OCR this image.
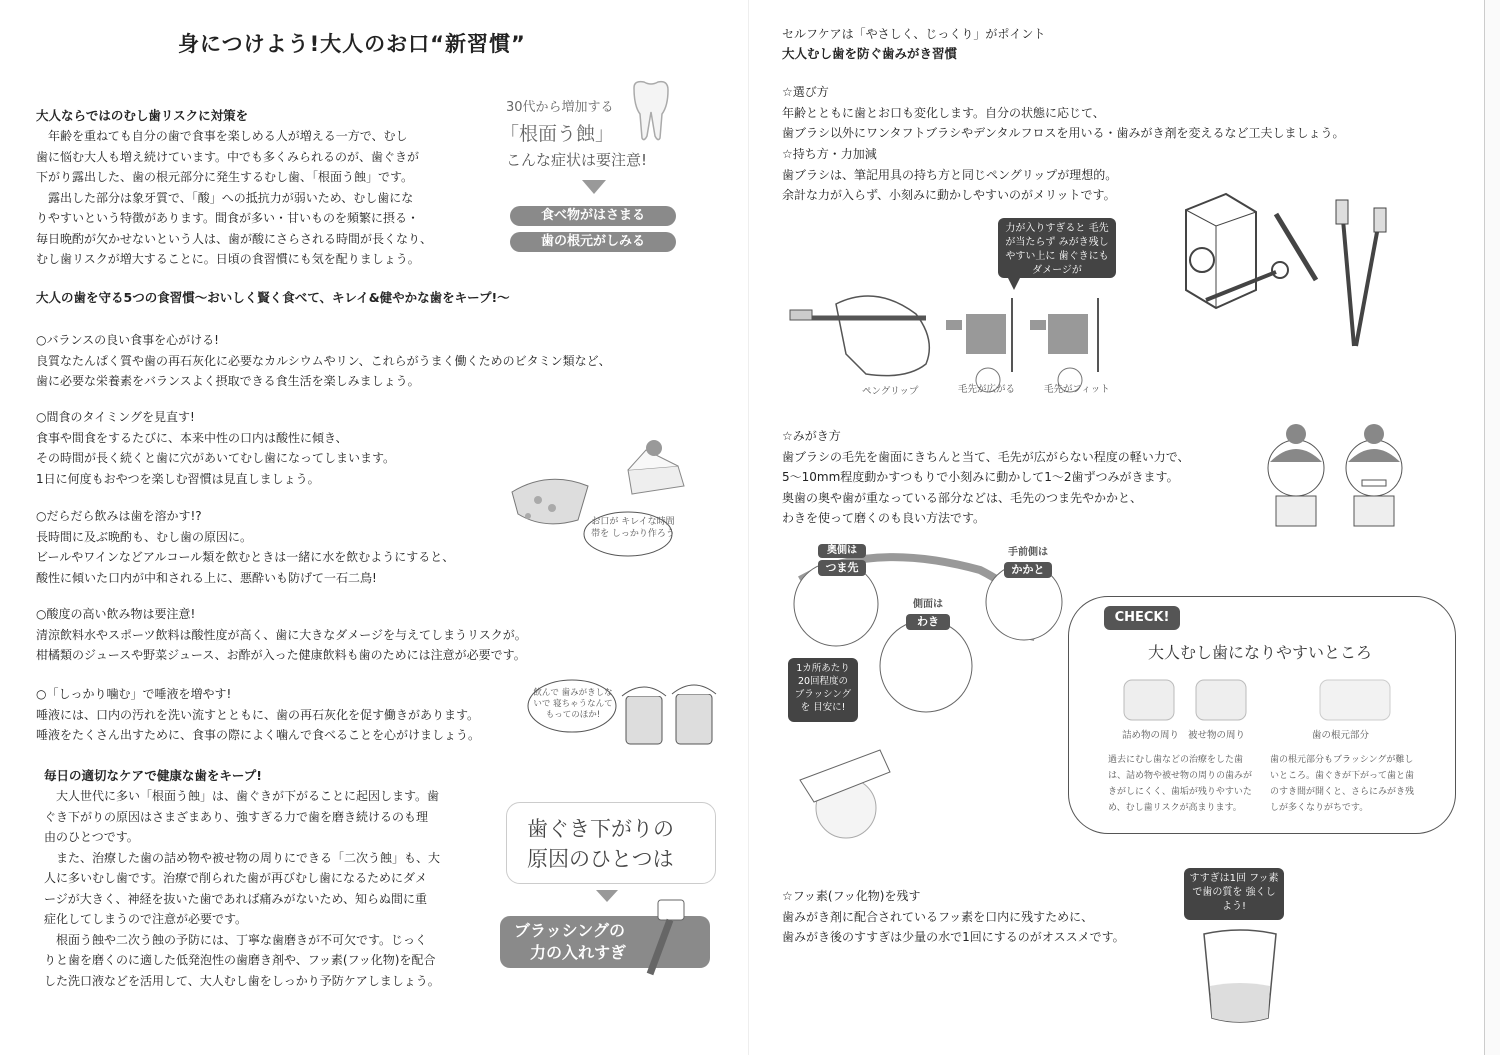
身につけよう!大人のお口“新習慣”
大人ならではのむし歯リスクに対策を
　年齢を重ねても自分の歯で食事を楽しめる人が増える一方で、むし
歯に悩む大人も増え続けています。中でも多くみられるのが、歯ぐきが
下がり露出した、歯の根元部分に発生するむし歯、「根面う蝕」です。
　露出した部分は象牙質で、「酸」への抵抗力が弱いため、むし歯にな
りやすいという特徴があります。間食が多い・甘いものを頻繁に摂る・
毎日晩酌が欠かせないという人は、歯が酸にさらされる時間が長くなり、
むし歯リスクが増大することに。日頃の食習慣にも気を配りましょう。
30代から増加する
「根面う蝕」
こんな症状は要注意!
食べ物がはさまる
歯の根元がしみる
大人の歯を守る5つの食習慣〜おいしく賢く食べて、キレイ&健やかな歯をキープ!〜
○バランスの良い食事を心がける!
良質なたんぱく質や歯の再石灰化に必要なカルシウムやリン、これらがうまく働くためのビタミン類など、
歯に必要な栄養素をバランスよく摂取できる食生活を楽しみましょう。
○間食のタイミングを見直す!
食事や間食をするたびに、本来中性の口内は酸性に傾き、
その時間が長く続くと歯に穴があいてむし歯になってしまいます。
1日に何度もおやつを楽しむ習慣は見直しましょう。
お口が キレイな時間帯を しっかり作ろう
○だらだら飲みは歯を溶かす!?
長時間に及ぶ晩酌も、むし歯の原因に。
ビールやワインなどアルコール類を飲むときは一緒に水を飲むようにすると、
酸性に傾いた口内が中和される上に、悪酔いも防げて一石二鳥!
○酸度の高い飲み物は要注意!
清涼飲料水やスポーツ飲料は酸性度が高く、歯に大きなダメージを与えてしまうリスクが。
柑橘類のジュースや野菜ジュース、お酢が入った健康飲料も歯のためには注意が必要です。
○「しっかり噛む」で唾液を増やす!
唾液には、口内の汚れを洗い流すとともに、歯の再石灰化を促す働きがあります。
唾液をたくさん出すために、食事の際によく噛んで食べることを心がけましょう。
飲んで 歯みがきしないで 寝ちゃうなんて もってのほか!
毎日の適切なケアで健康な歯をキープ!
　大人世代に多い「根面う蝕」は、歯ぐきが下がることに起因します。歯
ぐき下がりの原因はさまざまあり、強すぎる力で歯を磨き続けるのも理
由のひとつです。
　また、治療した歯の詰め物や被せ物の周りにできる「二次う蝕」も、大
人に多いむし歯です。治療で削られた歯が再びむし歯になるためにダメ
ージが大きく、神経を抜いた歯であれば痛みがないため、知らぬ間に重
症化してしまうので注意が必要です。
　根面う蝕や二次う蝕の予防には、丁寧な歯磨きが不可欠です。じっく
りと歯を磨くのに適した低発泡性の歯磨き剤や、フッ素(フッ化物)を配合
した洗口液などを活用して、大人むし歯をしっかり予防ケアしましょう。
歯ぐき下がりの
原因のひとつは
ブラッシングの
力の入れすぎ
セルフケアは「やさしく、じっくり」がポイント
大人むし歯を防ぐ歯みがき習慣
☆選び方
年齢とともに歯とお口も変化します。自分の状態に応じて、
歯ブラシ以外にワンタフトブラシやデンタルフロスを用いる・歯みがき剤を変えるなど工夫しましょう。
☆持ち方・力加減
歯ブラシは、筆記用具の持ち方と同じペングリップが理想的。
余計な力が入らず、小刻みに動かしやすいのがメリットです。
力が入りすぎると 毛先が当たらず みがき残しやすい上に 歯ぐきにもダメージが
ペングリップ	毛先が広がる	毛先がフィット
☆みがき方
歯ブラシの毛先を歯面にきちんと当て、毛先が広がらない程度の軽い力で、
5〜10mm程度動かすつもりで小刻みに動かして1〜2歯ずつみがきます。
奥歯の奥や歯が重なっている部分などは、毛先のつま先やかかと、
わきを使って磨くのも良い方法です。
奥側は
つま先
手前側は
かかと
側面は
わき
1カ所あたり 20回程度の ブラッシングを 目安に!
CHECK!
大人むし歯になりやすいところ
詰め物の周り 被せ物の周り	歯の根元部分
過去にむし歯などの治療をした歯は、詰め物や被せ物の周りの歯みがきがしにくく、歯垢が残りやすいため、むし歯リスクが高まります。
歯の根元部分もブラッシングが難しいところ。歯ぐきが下がって歯と歯のすき間が開くと、さらにみがき残しが多くなりがちです。
☆フッ素(フッ化物)を残す
歯みがき剤に配合されているフッ素を口内に残すために、
歯みがき後のすすぎは少量の水で1回にするのがオススメです。
すすぎは1回 フッ素で歯の質を 強くしよう!
